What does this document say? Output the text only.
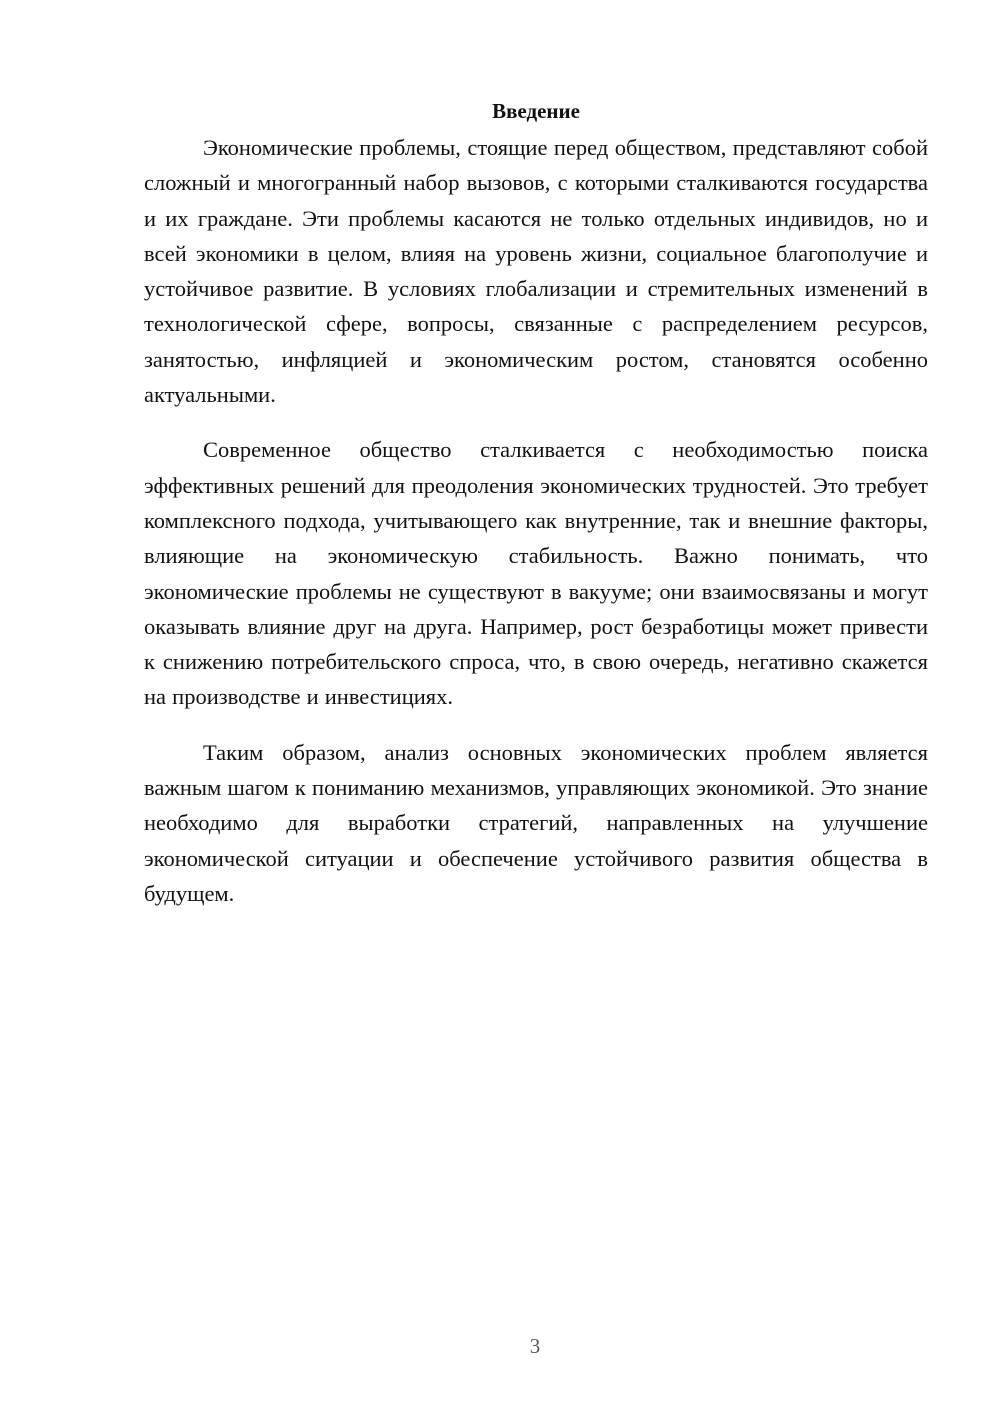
Введение

Экономические проблемы, стоящие перед обществом, представляют собой сложный и многогранный набор вызовов, с которыми сталкиваются государства и их граждане. Эти проблемы касаются не только отдельных индивидов, но и всей экономики в целом, влияя на уровень жизни, социальное благополучие и устойчивое развитие. В условиях глобализации и стремительных изменений в технологической сфере, вопросы, связанные с распределением ресурсов, занятостью, инфляцией и экономическим ростом, становятся особенно актуальными.

Современное общество сталкивается с необходимостью поиска эффективных решений для преодоления экономических трудностей. Это требует комплексного подхода, учитывающего как внутренние, так и внешние факторы, влияющие на экономическую стабильность. Важно понимать, что экономические проблемы не существуют в вакууме; они взаимосвязаны и могут оказывать влияние друг на друга. Например, рост безработицы может привести к снижению потребительского спроса, что, в свою очередь, негативно скажется на производстве и инвестициях.

Таким образом, анализ основных экономических проблем является важным шагом к пониманию механизмов, управляющих экономикой. Это знание необходимо для выработки стратегий, направленных на улучшение экономической ситуации и обеспечение устойчивого развития общества в будущем.

3
